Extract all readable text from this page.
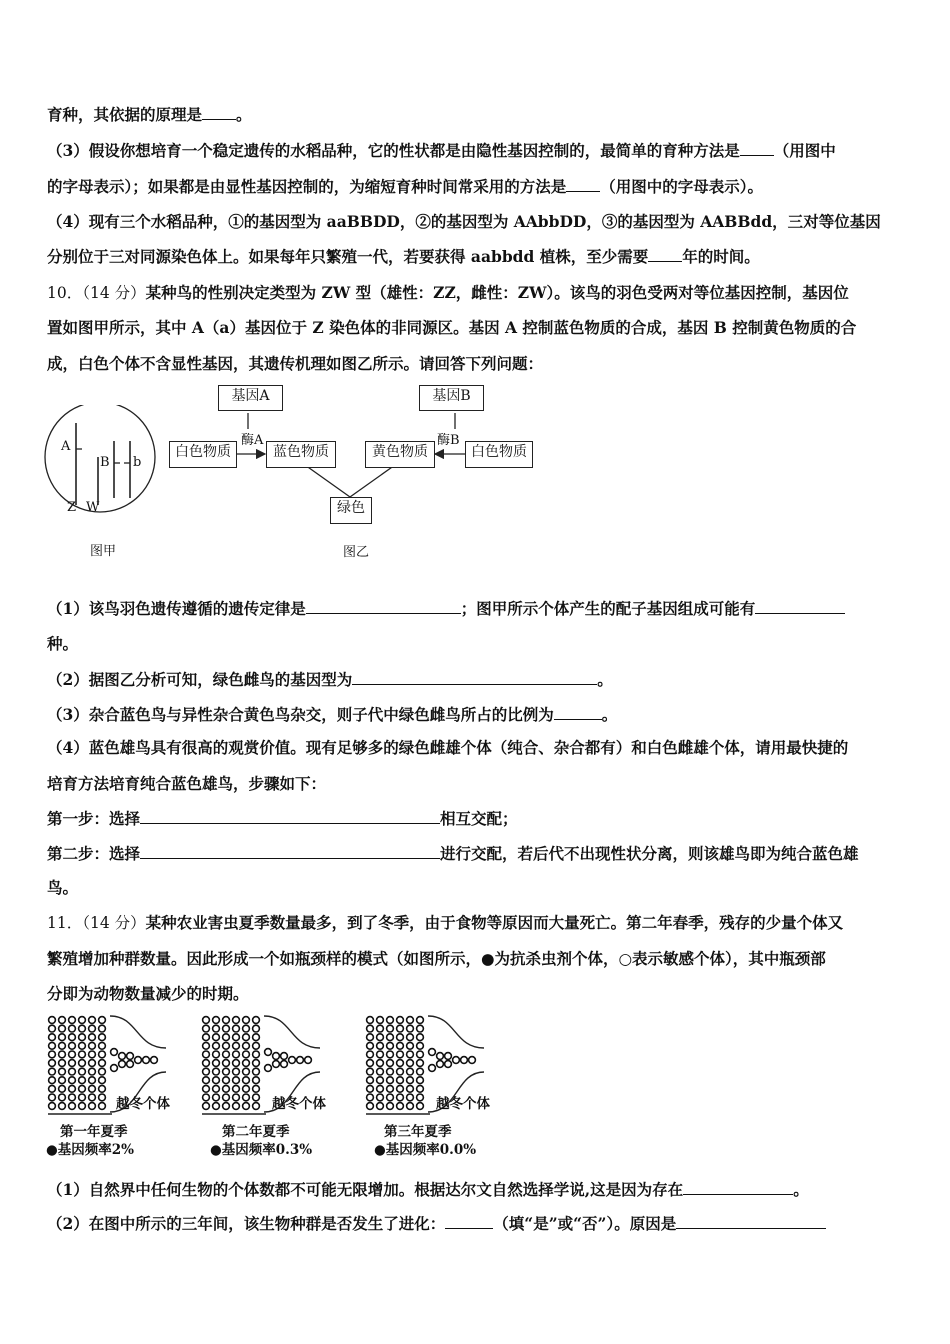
育种，其依据的原理是 。
（3）假设你想培育一个稳定遗传的水稻品种，它的性状都是由隐性基因控制的，最简单的育种方法是 （用图中
的字母表示）；如果都是由显性基因控制的，为缩短育种时间常采用的方法是 （用图中的字母表示）。
（4）现有三个水稻品种，①的基因型为 aaBBDD，②的基因型为 AAbbDD，③的基因型为 AABBdd，三对等位基因
分别位于三对同源染色体上。如果每年只繁殖一代，若要获得 aabbdd 植株，至少需要 年的时间。
10．（14 分）某种鸟的性别决定类型为 ZW 型（雄性：ZZ，雌性：ZW）。该鸟的羽色受两对等位基因控制，基因位
置如图甲所示，其中 A（a）基因位于 Z 染色体的非同源区。基因 A 控制蓝色物质的合成，基因 B 控制黄色物质的合
成，白色个体不含显性基因，其遗传机理如图乙所示。请回答下列问题：
A
B b
Z W
图甲
基因A	基因B
酶A	酶B
白色物质	蓝色物质	黄色物质	白色物质
绿色
图乙
（1）该鸟羽色遗传遵循的遗传定律是	；图甲所示个体产生的配子基因组成可能有
种。
（2）据图乙分析可知，绿色雌鸟的基因型为	。
（3）杂合蓝色鸟与异性杂合黄色鸟杂交，则子代中绿色雌鸟所占的比例为	。
（4）蓝色雄鸟具有很高的观赏价值。现有足够多的绿色雌雄个体（纯合、杂合都有）和白色雌雄个体，请用最快捷的
培育方法培育纯合蓝色雄鸟，步骤如下：
第一步：选择	相互交配；
第二步：选择	进行交配，若后代不出现性状分离，则该雄鸟即为纯合蓝色雄
鸟。
11．（14 分）某种农业害虫夏季数量最多，到了冬季，由于食物等原因而大量死亡。第二年春季，残存的少量个体又
繁殖增加种群数量。因此形成一个如瓶颈样的模式（如图所示，●为抗杀虫剂个体，○表示敏感个体），其中瓶颈部
分即为动物数量减少的时期。
越冬个体	越冬个体	越冬个体
第一年夏季	第二年夏季	第三年夏季
●基因频率2%	●基因频率0.3%	●基因频率0.0%
（1）自然界中任何生物的个体数都不可能无限增加。根据达尔文自然选择学说,这是因为存在	。
（2）在图中所示的三年间，该生物种群是否发生了进化：	（填“是”或“否”）。原因是
